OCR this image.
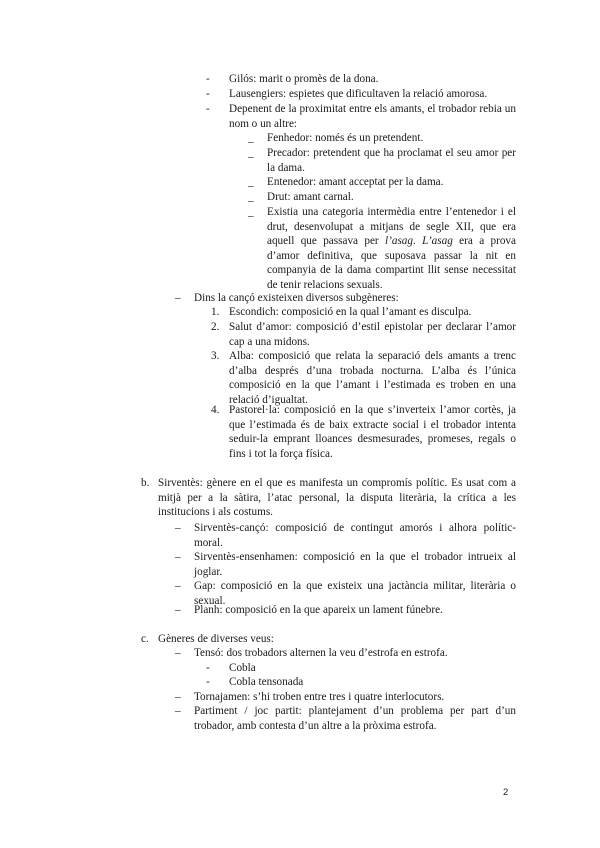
- Gilós: marit o promès de la dona.
- Lausengiers: espietes que dificultaven la relació amorosa.
- Depenent de la proximitat entre els amants, el trobador rebia un nom o un altre:
_ Fenhedor: només és un pretendent.
_ Precador: pretendent que ha proclamat el seu amor per la dama.
_ Entenedor: amant acceptat per la dama.
_ Drut: amant carnal.
_ Existia una categoria intermèdia entre l’entenedor i el drut, desenvolupat a mitjans de segle XII, que era aquell que passava per l’asag. L’asag era a prova d’amor definitiva, que suposava passar la nit en companyia de la dama compartint llit sense necessitat de tenir relacions sexuals.
– Dins la cançó existeixen diversos subgèneres:
1. Escondich: composició en la qual l’amant es disculpa.
2. Salut d’amor: composició d’estil epistolar per declarar l’amor cap a una midons.
3. Alba: composició que relata la separació dels amants a trenc d’alba després d’una trobada nocturna. L’alba és l’única composició en la que l’amant i l’estimada es troben en una relació d’igualtat.
4. Pastorel·la: composició en la que s’inverteix l’amor cortès, ja que l’estimada és de baix extracte social i el trobador intenta seduir-la emprant lloances desmesurades, promeses, regals o fins i tot la força física.
b. Sirventès: gènere en el que es manifesta un compromís polític. Es usat com a mitjà per a la sàtira, l’atac personal, la disputa literària, la crítica a les institucions i als costums.
– Sirventès-cançó: composició de contingut amorós i alhora polític-moral.
– Sirventès-ensenhamen: composició en la que el trobador intrueix al joglar.
– Gap: composició en la que existeix una jactància militar, literària o sexual.
– Planh: composició en la que apareix un lament fúnebre.
c. Gèneres de diverses veus:
– Tensó: dos trobadors alternen la veu d’estrofa en estrofa.
- Cobla
- Cobla tensonada
– Tornajamen: s’hi troben entre tres i quatre interlocutors.
– Partiment / joc partit: plantejament d’un problema per part d’un trobador, amb contesta d’un altre a la pròxima estrofa.
2
